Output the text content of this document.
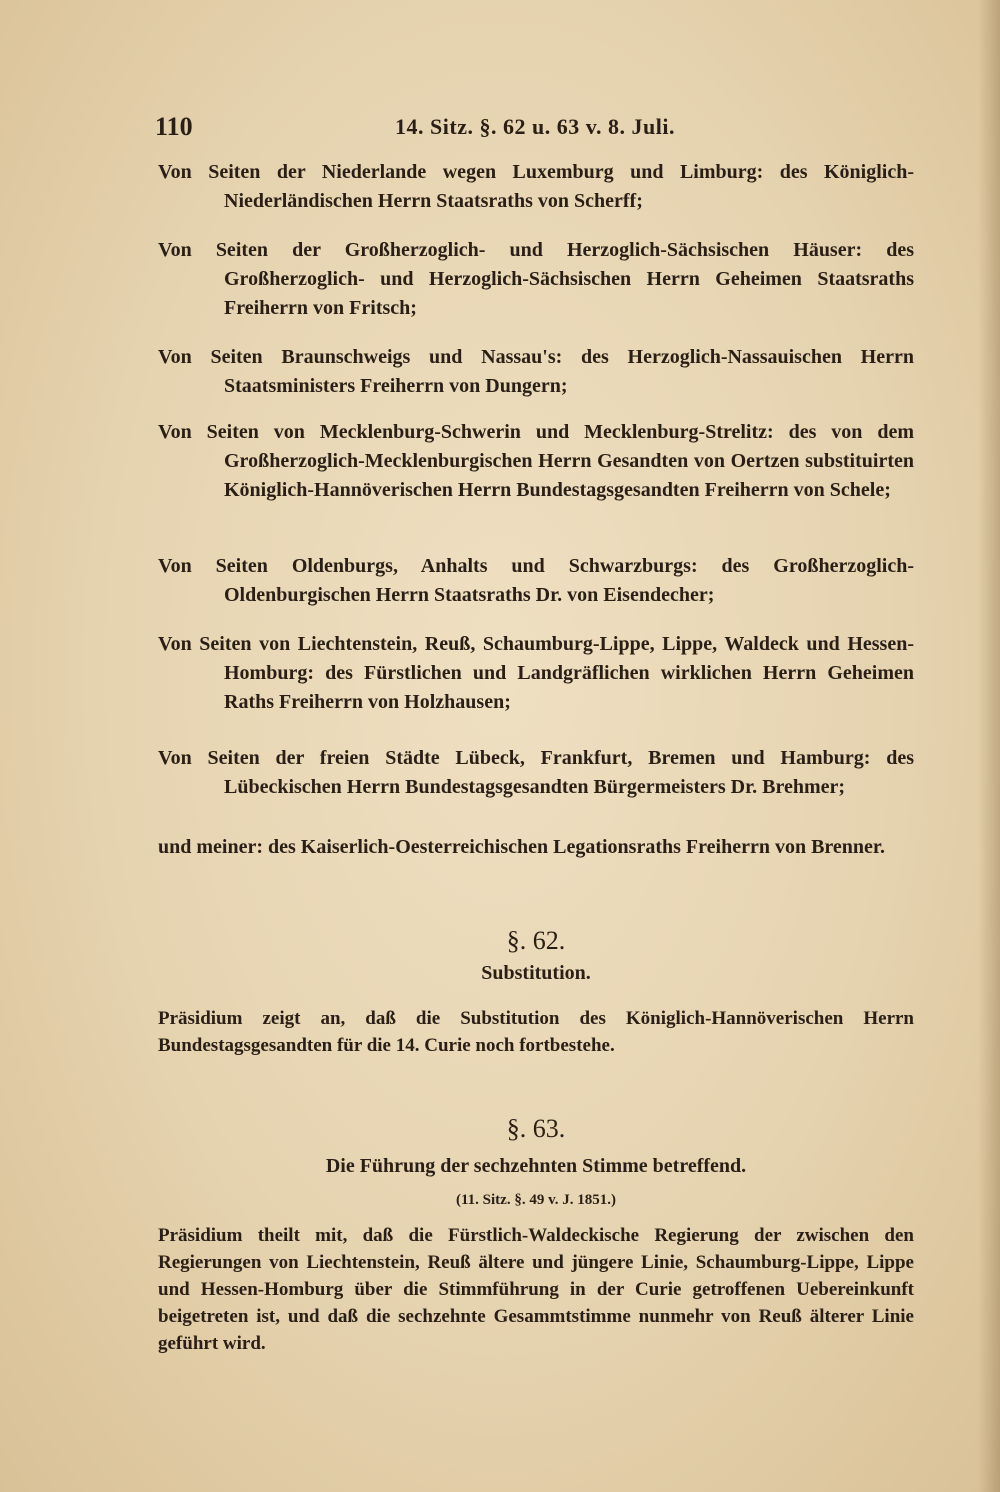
110	14. Sitz. §. 62 u. 63 v. 8. Juli.

Von Seiten der Niederlande wegen Luxemburg und Limburg: des Königlich-Niederländischen Herrn Staatsraths von Scherff;

Von Seiten der Großherzoglich- und Herzoglich-Sächsischen Häuser: des Großherzoglich- und Herzoglich-Sächsischen Herrn Geheimen Staatsraths Freiherrn von Fritsch;

Von Seiten Braunschweigs und Nassau's: des Herzoglich-Nassauischen Herrn Staatsministers Freiherrn von Dungern;

Von Seiten von Mecklenburg-Schwerin und Mecklenburg-Strelitz: des von dem Großherzoglich-Mecklenburgischen Herrn Gesandten von Oertzen substituirten Königlich-Hannöverischen Herrn Bundestagsgesandten Freiherrn von Schele;

Von Seiten Oldenburgs, Anhalts und Schwarzburgs: des Großherzoglich-Oldenburgischen Herrn Staatsraths Dr. von Eisendecher;

Von Seiten von Liechtenstein, Reuß, Schaumburg-Lippe, Lippe, Waldeck und Hessen-Homburg: des Fürstlichen und Landgräflichen wirklichen Herrn Geheimen Raths Freiherrn von Holzhausen;

Von Seiten der freien Städte Lübeck, Frankfurt, Bremen und Hamburg: des Lübeckischen Herrn Bundestagsgesandten Bürgermeisters Dr. Brehmer;

und meiner: des Kaiserlich-Oesterreichischen Legationsraths Freiherrn von Brenner.

§. 62.
Substitution.

Präsidium zeigt an, daß die Substitution des Königlich-Hannöverischen Herrn Bundestagsgesandten für die 14. Curie noch fortbestehe.

§. 63.
Die Führung der sechzehnten Stimme betreffend.
(11. Sitz. §. 49 v. J. 1851.)

Präsidium theilt mit, daß die Fürstlich-Waldeckische Regierung der zwischen den Regierungen von Liechtenstein, Reuß ältere und jüngere Linie, Schaumburg-Lippe, Lippe und Hessen-Homburg über die Stimmführung in der Curie getroffenen Uebereinkunft beigetreten ist, und daß die sechzehnte Gesammtstimme nunmehr von Reuß älterer Linie geführt wird.
